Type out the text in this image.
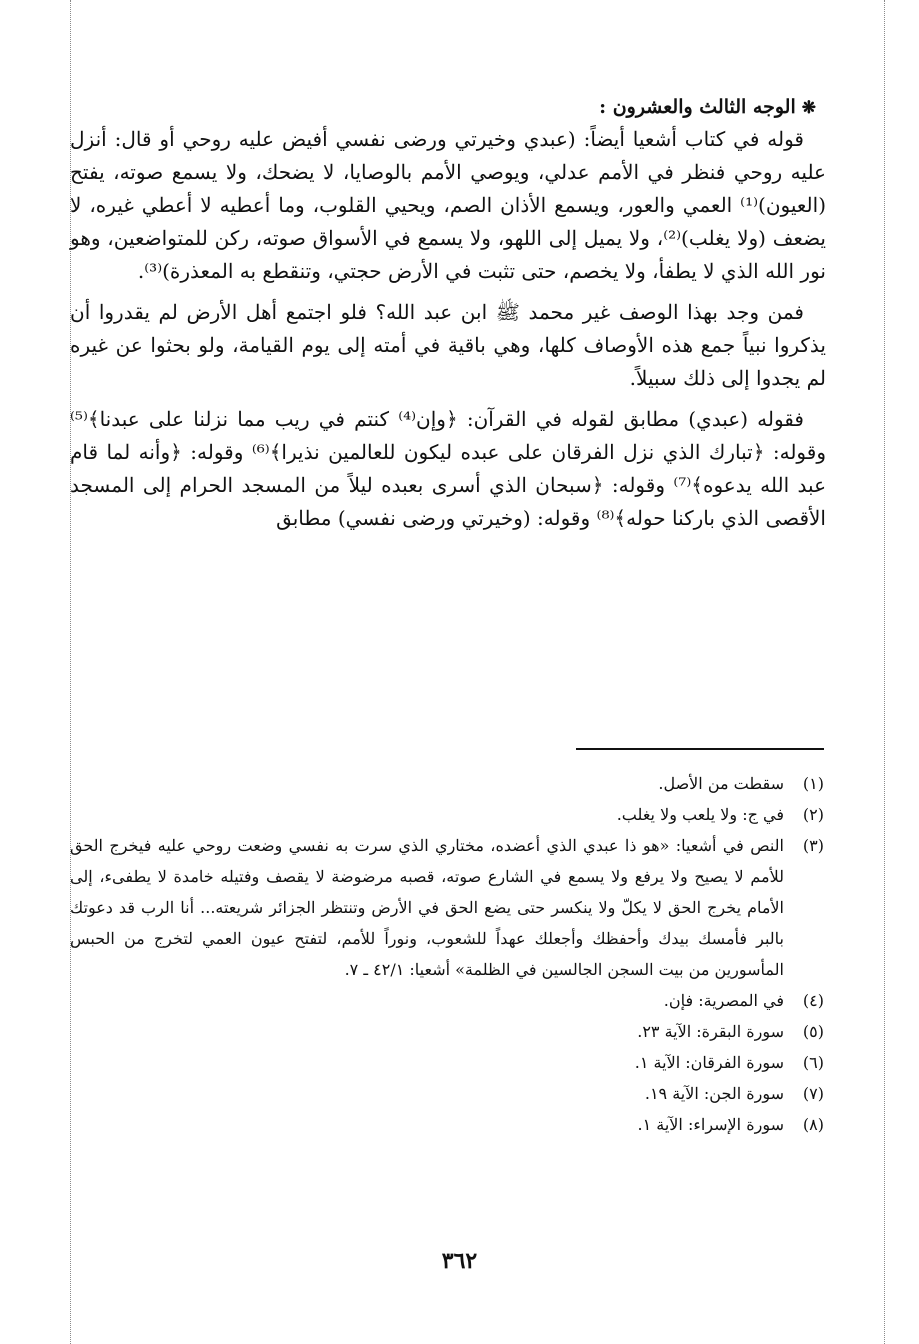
❋الوجه الثالث والعشرون :

قوله في كتاب أشعيا أيضاً: (عبدي وخيرتي ورضى نفسي أفيض عليه روحي أو قال: أنزل عليه روحي فنظر في الأمم عدلي، ويوصي الأمم بالوصايا، لا يضحك، ولا يسمع صوته، يفتح (العيون)⁽¹⁾ العمي والعور، ويسمع الأذان الصم، ويحيي القلوب، وما أعطيه لا أعطي غيره، لا يضعف (ولا يغلب)⁽²⁾، ولا يميل إلى اللهو، ولا يسمع في الأسواق صوته، ركن للمتواضعين، وهو نور الله الذي لا يطفأ، ولا يخصم، حتى تثبت في الأرض حجتي، وتنقطع به المعذرة)⁽³⁾.

فمن وجد بهذا الوصف غير محمد ﷺ ابن عبد الله؟ فلو اجتمع أهل الأرض لم يقدروا أن يذكروا نبياً جمع هذه الأوصاف كلها، وهي باقية في أمته إلى يوم القيامة، ولو بحثوا عن غيره لم يجدوا إلى ذلك سبيلاً.

فقوله (عبدي) مطابق لقوله في القرآن: ﴿وإن⁽⁴⁾ كنتم في ريب مما نزلنا على عبدنا﴾⁽⁵⁾ وقوله: ﴿تبارك الذي نزل الفرقان على عبده ليكون للعالمين نذيرا﴾⁽⁶⁾ وقوله: ﴿وأنه لما قام عبد الله يدعوه﴾⁽⁷⁾ وقوله: ﴿سبحان الذي أسرى بعبده ليلاً من المسجد الحرام إلى المسجد الأقصى الذي باركنا حوله﴾⁽⁸⁾ وقوله: (وخيرتي ورضى نفسي) مطابق

(١)
سقطت من الأصل.
(٢)
في ج: ولا يلعب ولا يغلب.
(٣)
النص في أشعيا: «هو ذا عبدي الذي أعضده، مختاري الذي سرت به نفسي وضعت روحي عليه فيخرج الحق للأمم لا يصيح ولا يرفع ولا يسمع في الشارع صوته، قصبه مرضوضة لا يقصف وفتيله خامدة لا يطفىء، إلى الأمام يخرج الحق لا يكلّ ولا ينكسر حتى يضع الحق في الأرض وتنتظر الجزائر شريعته... أنا الرب قد دعوتك بالبر فأمسك بيدك وأحفظك وأجعلك عهداً للشعوب، ونوراً للأمم، لتفتح عيون العمي لتخرج من الحبس المأسورين من بيت السجن الجالسين في الظلمة» أشعيا: ٤٢/١ ـ ٧.
(٤)
في المصرية: فإن.
(٥)
سورة البقرة: الآية ٢٣.
(٦)
سورة الفرقان: الآية ١.
(٧)
سورة الجن: الآية ١٩.
(٨)
سورة الإسراء: الآية ١.
٣٦٢
